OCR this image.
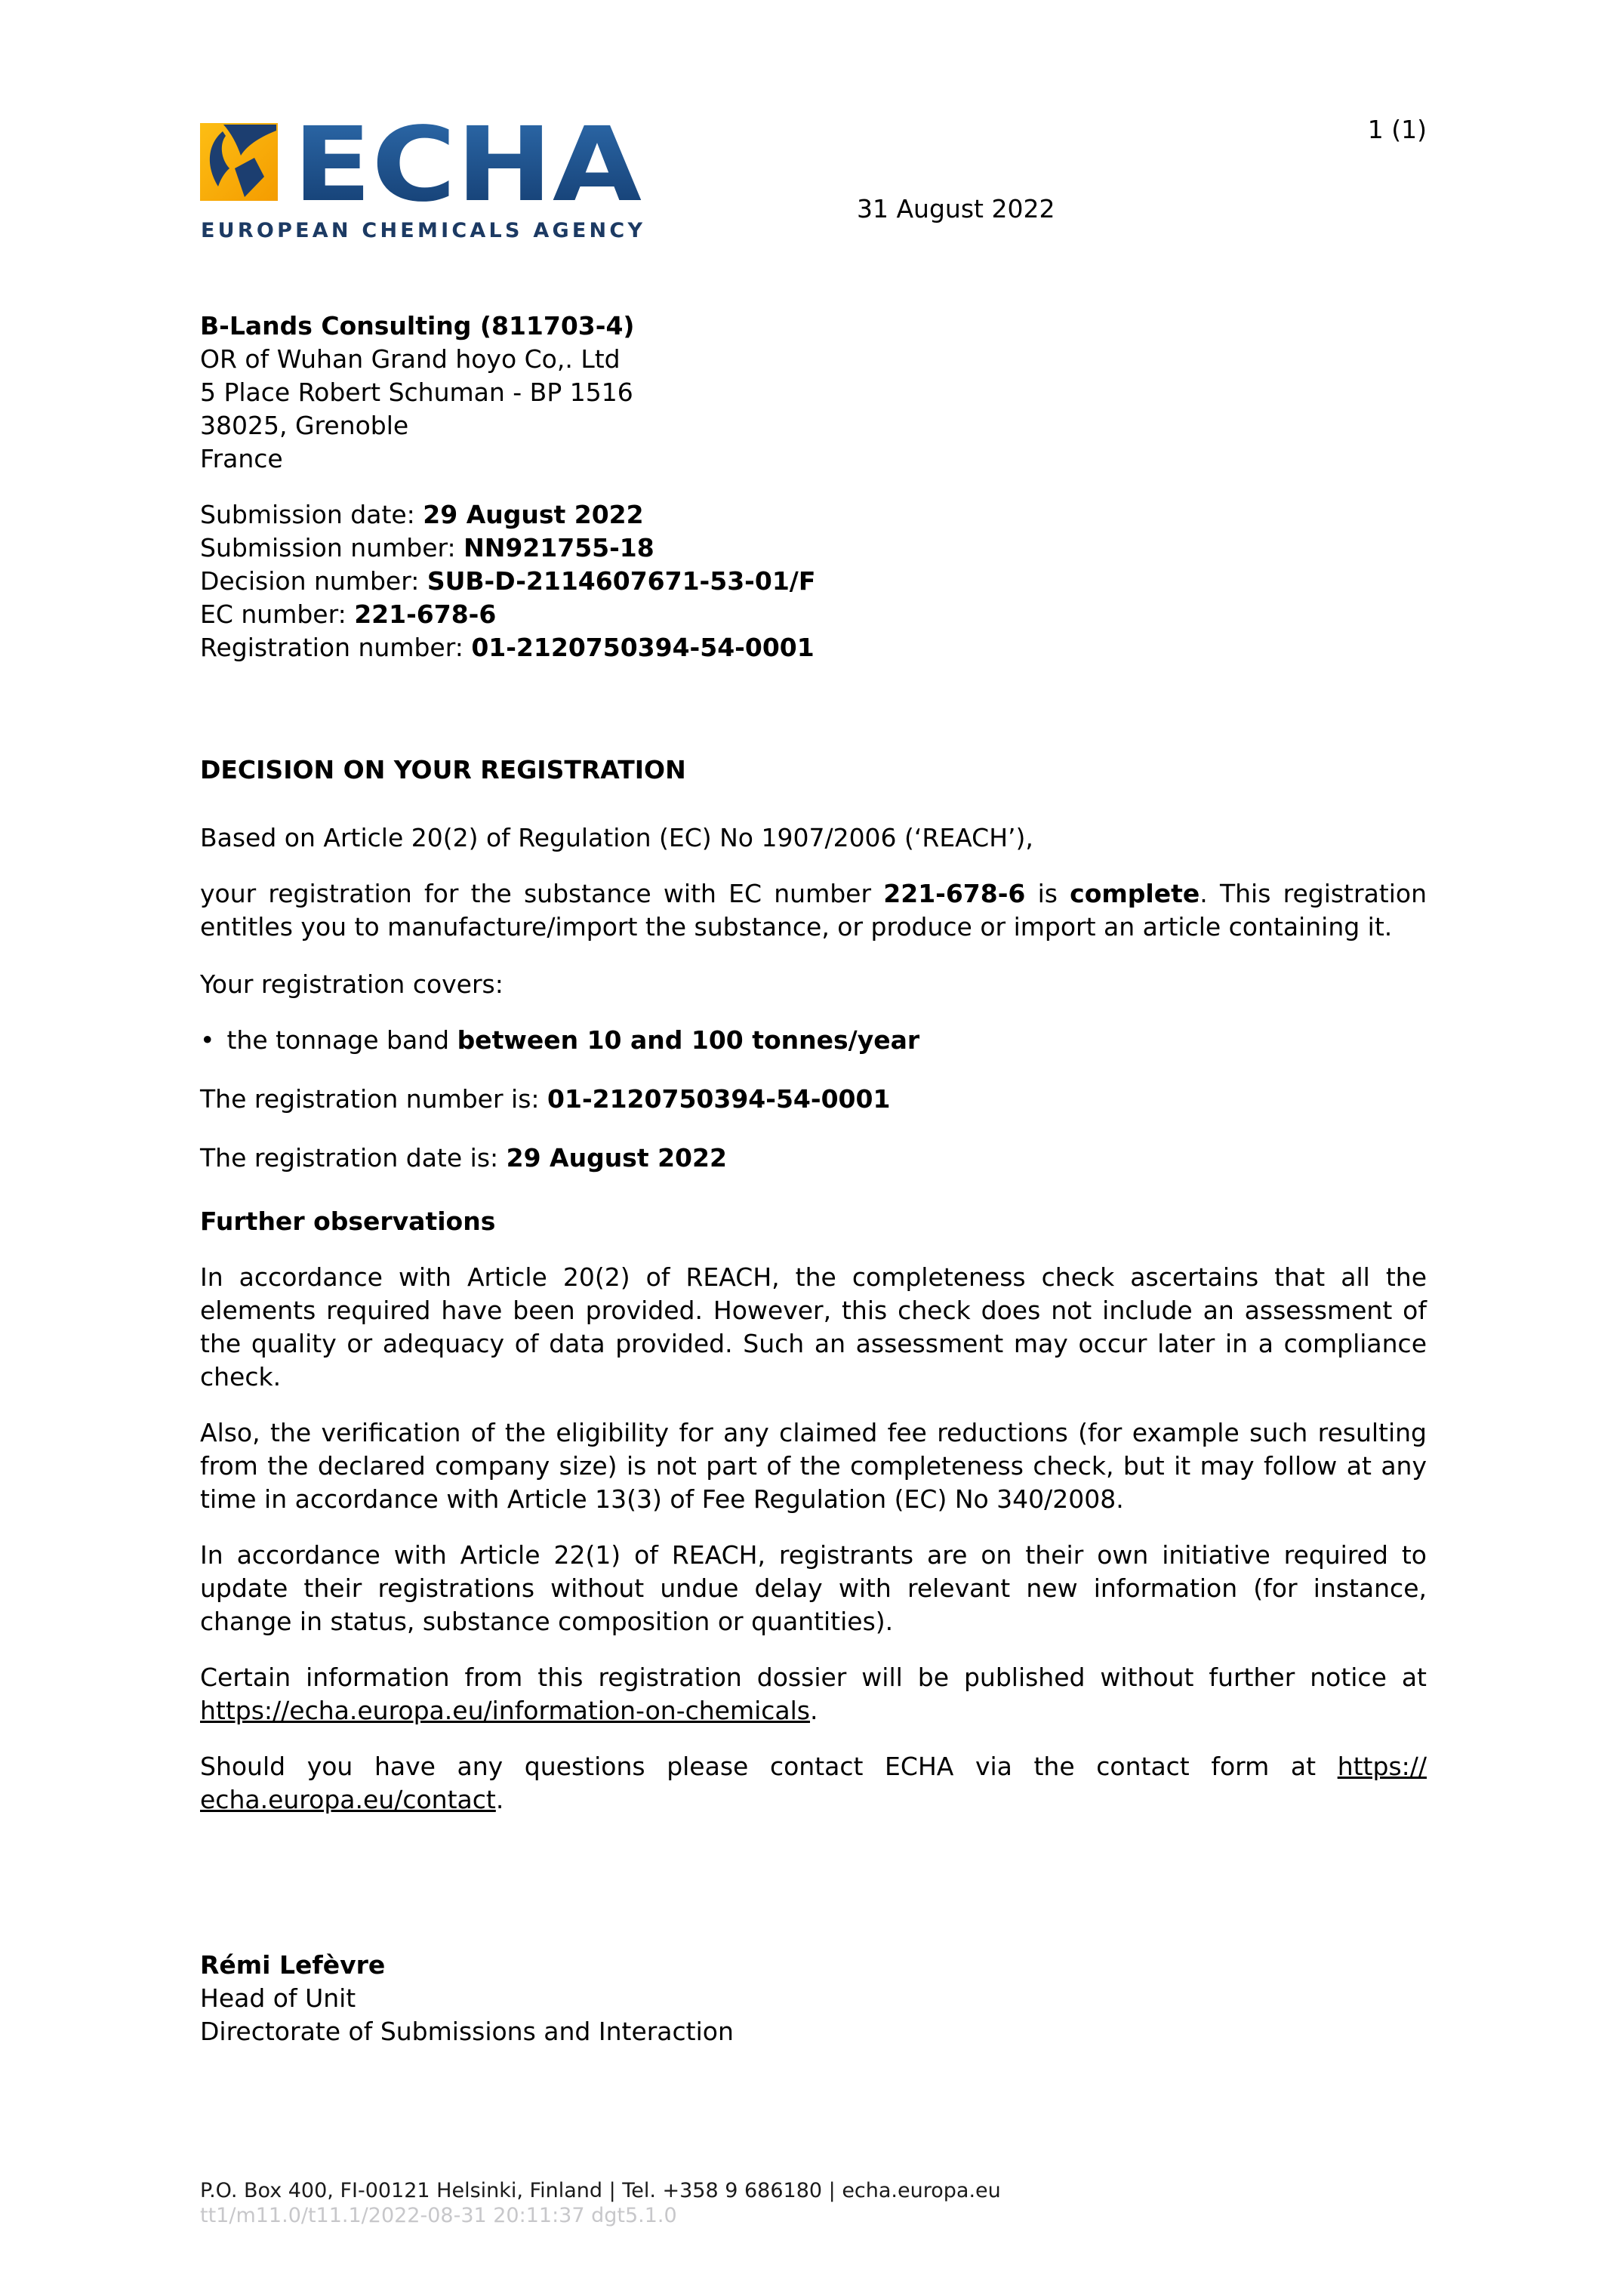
1 (1)
31 August 2022
ECHA
EUROPEAN CHEMICALS AGENCY

B-Lands Consulting (811703-4)

OR of Wuhan Grand hoyo Co,. Ltd

5 Place Robert Schuman - BP 1516

38025, Grenoble

France

Submission date: 29 August 2022

Submission number: NN921755-18

Decision number: SUB-D-2114607671-53-01/F

EC number: 221-678-6

Registration number: 01-2120750394-54-0001

DECISION ON YOUR REGISTRATION

Based on Article 20(2) of Regulation (EC) No 1907/2006 (‘REACH’),

your registration for the substance with EC number 221-678-6 is complete. This registration entitles you to manufacture/import the substance, or produce or import an article containing it.

Your registration covers:

• the tonnage band between 10 and 100 tonnes/year

The registration number is: 01-2120750394-54-0001

The registration date is: 29 August 2022

Further observations

In accordance with Article 20(2) of REACH, the completeness check ascertains that all the elements required have been provided. However, this check does not include an assessment of the quality or adequacy of data provided. Such an assessment may occur later in a compliance check.

Also, the verification of the eligibility for any claimed fee reductions (for example such resulting from the declared company size) is not part of the completeness check, but it may follow at any time in accordance with Article 13(3) of Fee Regulation (EC) No 340/2008.

In accordance with Article 22(1) of REACH, registrants are on their own initiative required to update their registrations without undue delay with relevant new information (for instance, change in status, substance composition or quantities).

Certain information from this registration dossier will be published without further notice at https://echa.europa.eu/information-on-chemicals.

Should you have any questions please contact ECHA via the contact form at https://echa.europa.eu/contact.

Rémi Lefèvre

Head of Unit

Directorate of Submissions and Interaction

P.O. Box 400, FI-00121 Helsinki, Finland | Tel. +358 9 686180 | echa.europa.eu
tt1/m11.0/t11.1/2022-08-31 20:11:37 dgt5.1.0
